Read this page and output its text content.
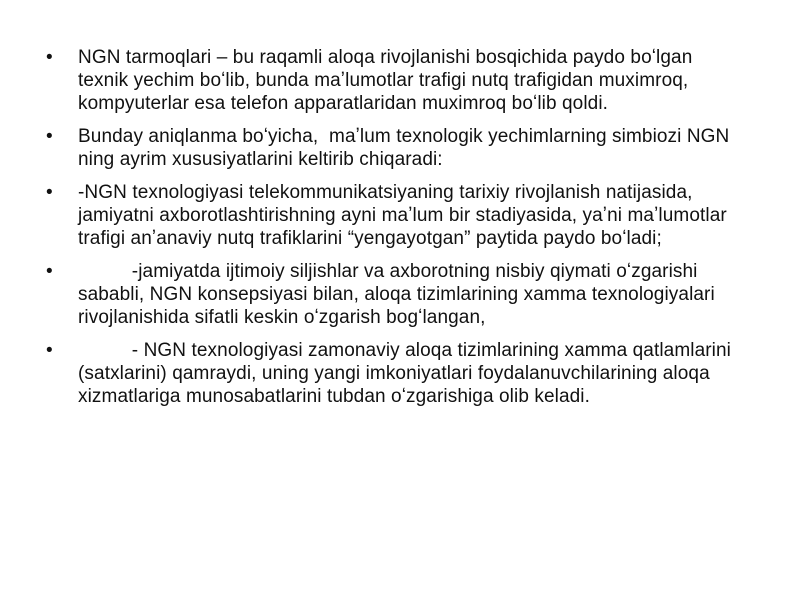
• NGN tarmoqlari – bu raqamli aloqa rivojlanishi bosqichida paydo boʻlgan texnik yechim boʻlib, bunda maʼlumotlar trafigi nutq trafigidan muximroq, kompyuterlar esa telefon apparatlaridan muximroq boʻlib qoldi.
• Bunday aniqlanma boʻyicha,  maʼlum texnologik yechimlarning simbiozi NGN ning ayrim xususiyatlarini keltirib chiqaradi:
• -NGN texnologiyasi telekommunikatsiyaning tarixiy rivojlanish natijasida, jamiyatni axborotlashtirishning ayni maʼlum bir stadiyasida, yaʼni maʼlumotlar trafigi anʼanaviy nutq trafiklarini “yengayotgan” paytida paydo boʻladi;
• -jamiyatda ijtimoiy siljishlar va axborotning nisbiy qiymati oʻzgarishi sababli, NGN konsepsiyasi bilan, aloqa tizimlarining xamma texnologiyalari rivojlanishida sifatli keskin oʻzgarish bogʻlangan,
• - NGN texnologiyasi zamonaviy aloqa tizimlarining xamma qatlamlarini (satxlarini) qamraydi, uning yangi imkoniyatlari foydalanuvchilarining aloqa xizmatlariga munosabatlarini tubdan oʻzgarishiga olib keladi.
